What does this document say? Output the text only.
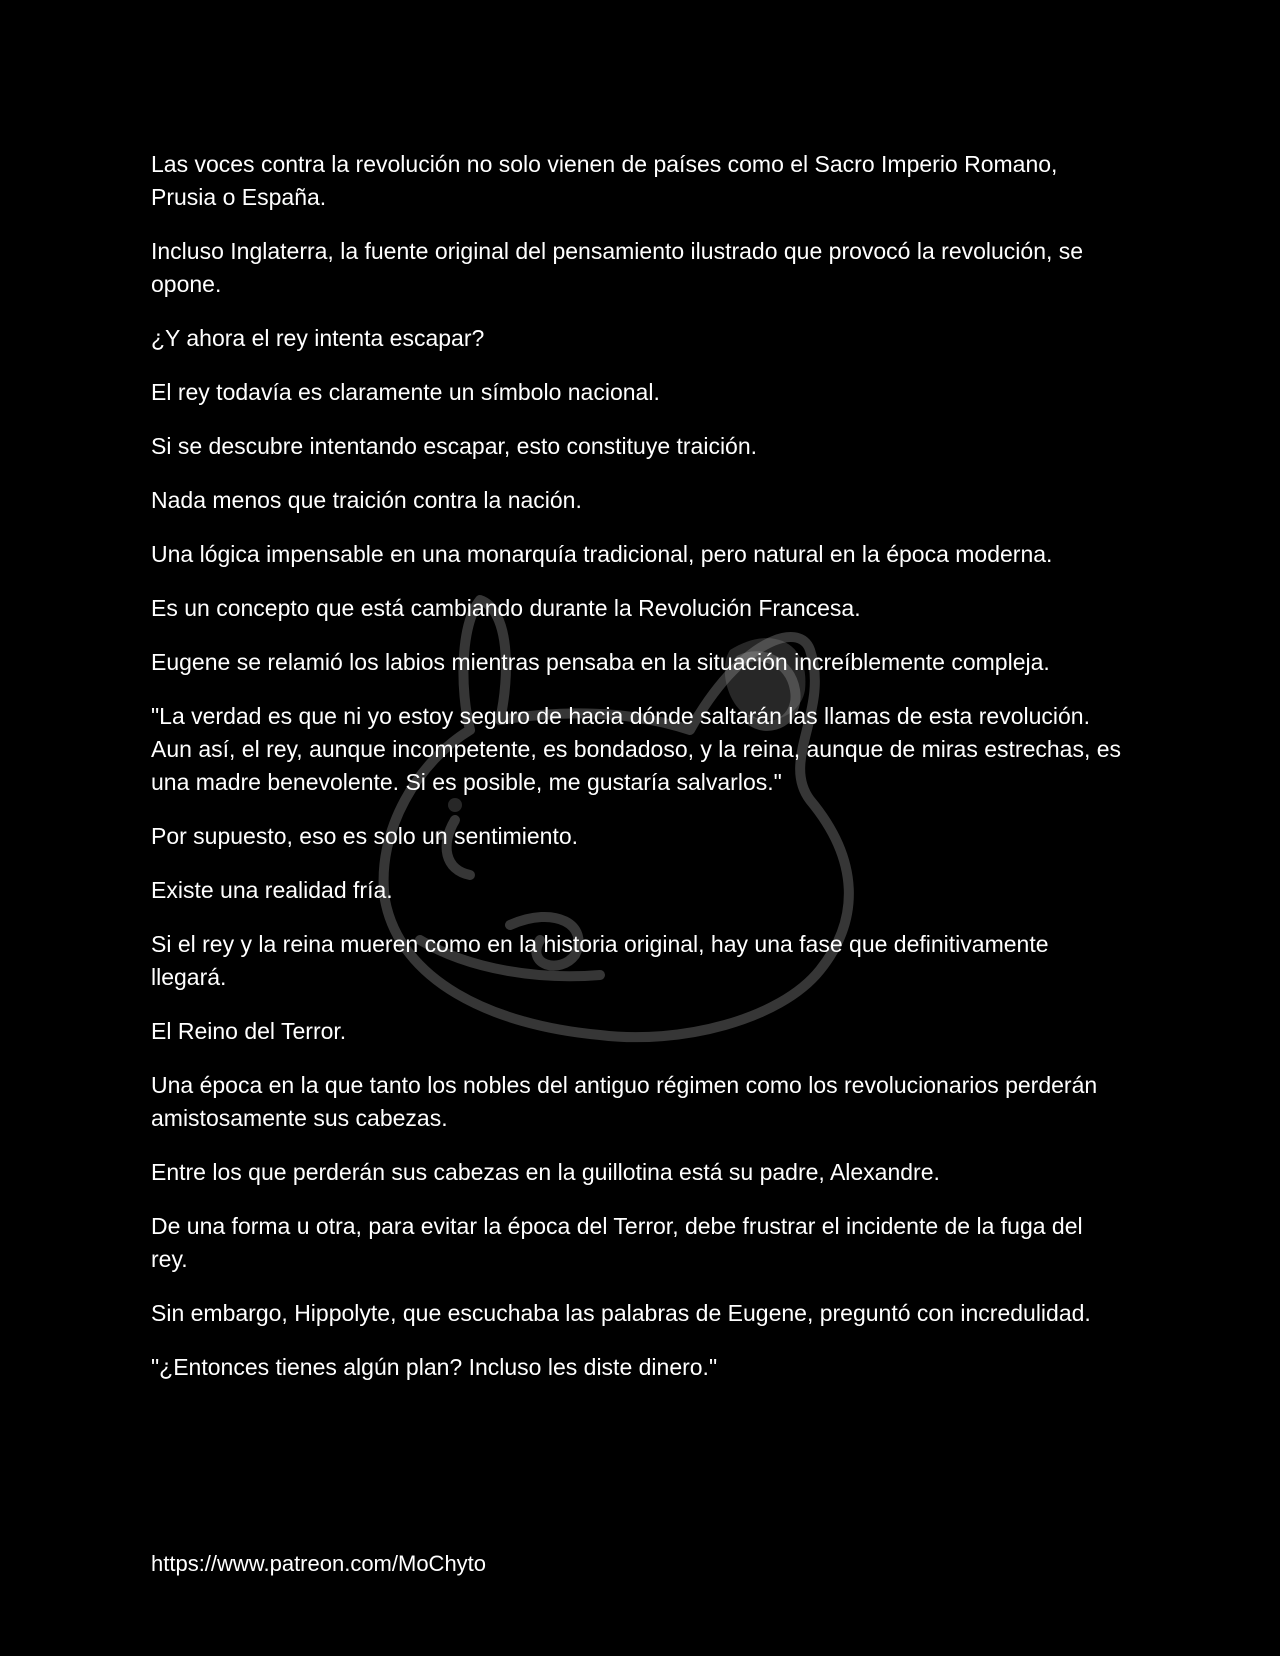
Las voces contra la revolución no solo vienen de países como el Sacro Imperio Romano, Prusia o España.

Incluso Inglaterra, la fuente original del pensamiento ilustrado que provocó la revolución, se opone.

¿Y ahora el rey intenta escapar?

El rey todavía es claramente un símbolo nacional.

Si se descubre intentando escapar, esto constituye traición.

Nada menos que traición contra la nación.

Una lógica impensable en una monarquía tradicional, pero natural en la época moderna.

Es un concepto que está cambiando durante la Revolución Francesa.

Eugene se relamió los labios mientras pensaba en la situación increíblemente compleja.

"La verdad es que ni yo estoy seguro de hacia dónde saltarán las llamas de esta revolución. Aun así, el rey, aunque incompetente, es bondadoso, y la reina, aunque de miras estrechas, es una madre benevolente. Si es posible, me gustaría salvarlos."

Por supuesto, eso es solo un sentimiento.

Existe una realidad fría.

Si el rey y la reina mueren como en la historia original, hay una fase que definitivamente llegará.

El Reino del Terror.

Una época en la que tanto los nobles del antiguo régimen como los revolucionarios perderán amistosamente sus cabezas.

Entre los que perderán sus cabezas en la guillotina está su padre, Alexandre.

De una forma u otra, para evitar la época del Terror, debe frustrar el incidente de la fuga del rey.

Sin embargo, Hippolyte, que escuchaba las palabras de Eugene, preguntó con incredulidad.

"¿Entonces tienes algún plan? Incluso les diste dinero."

https://www.patreon.com/MoChyto
